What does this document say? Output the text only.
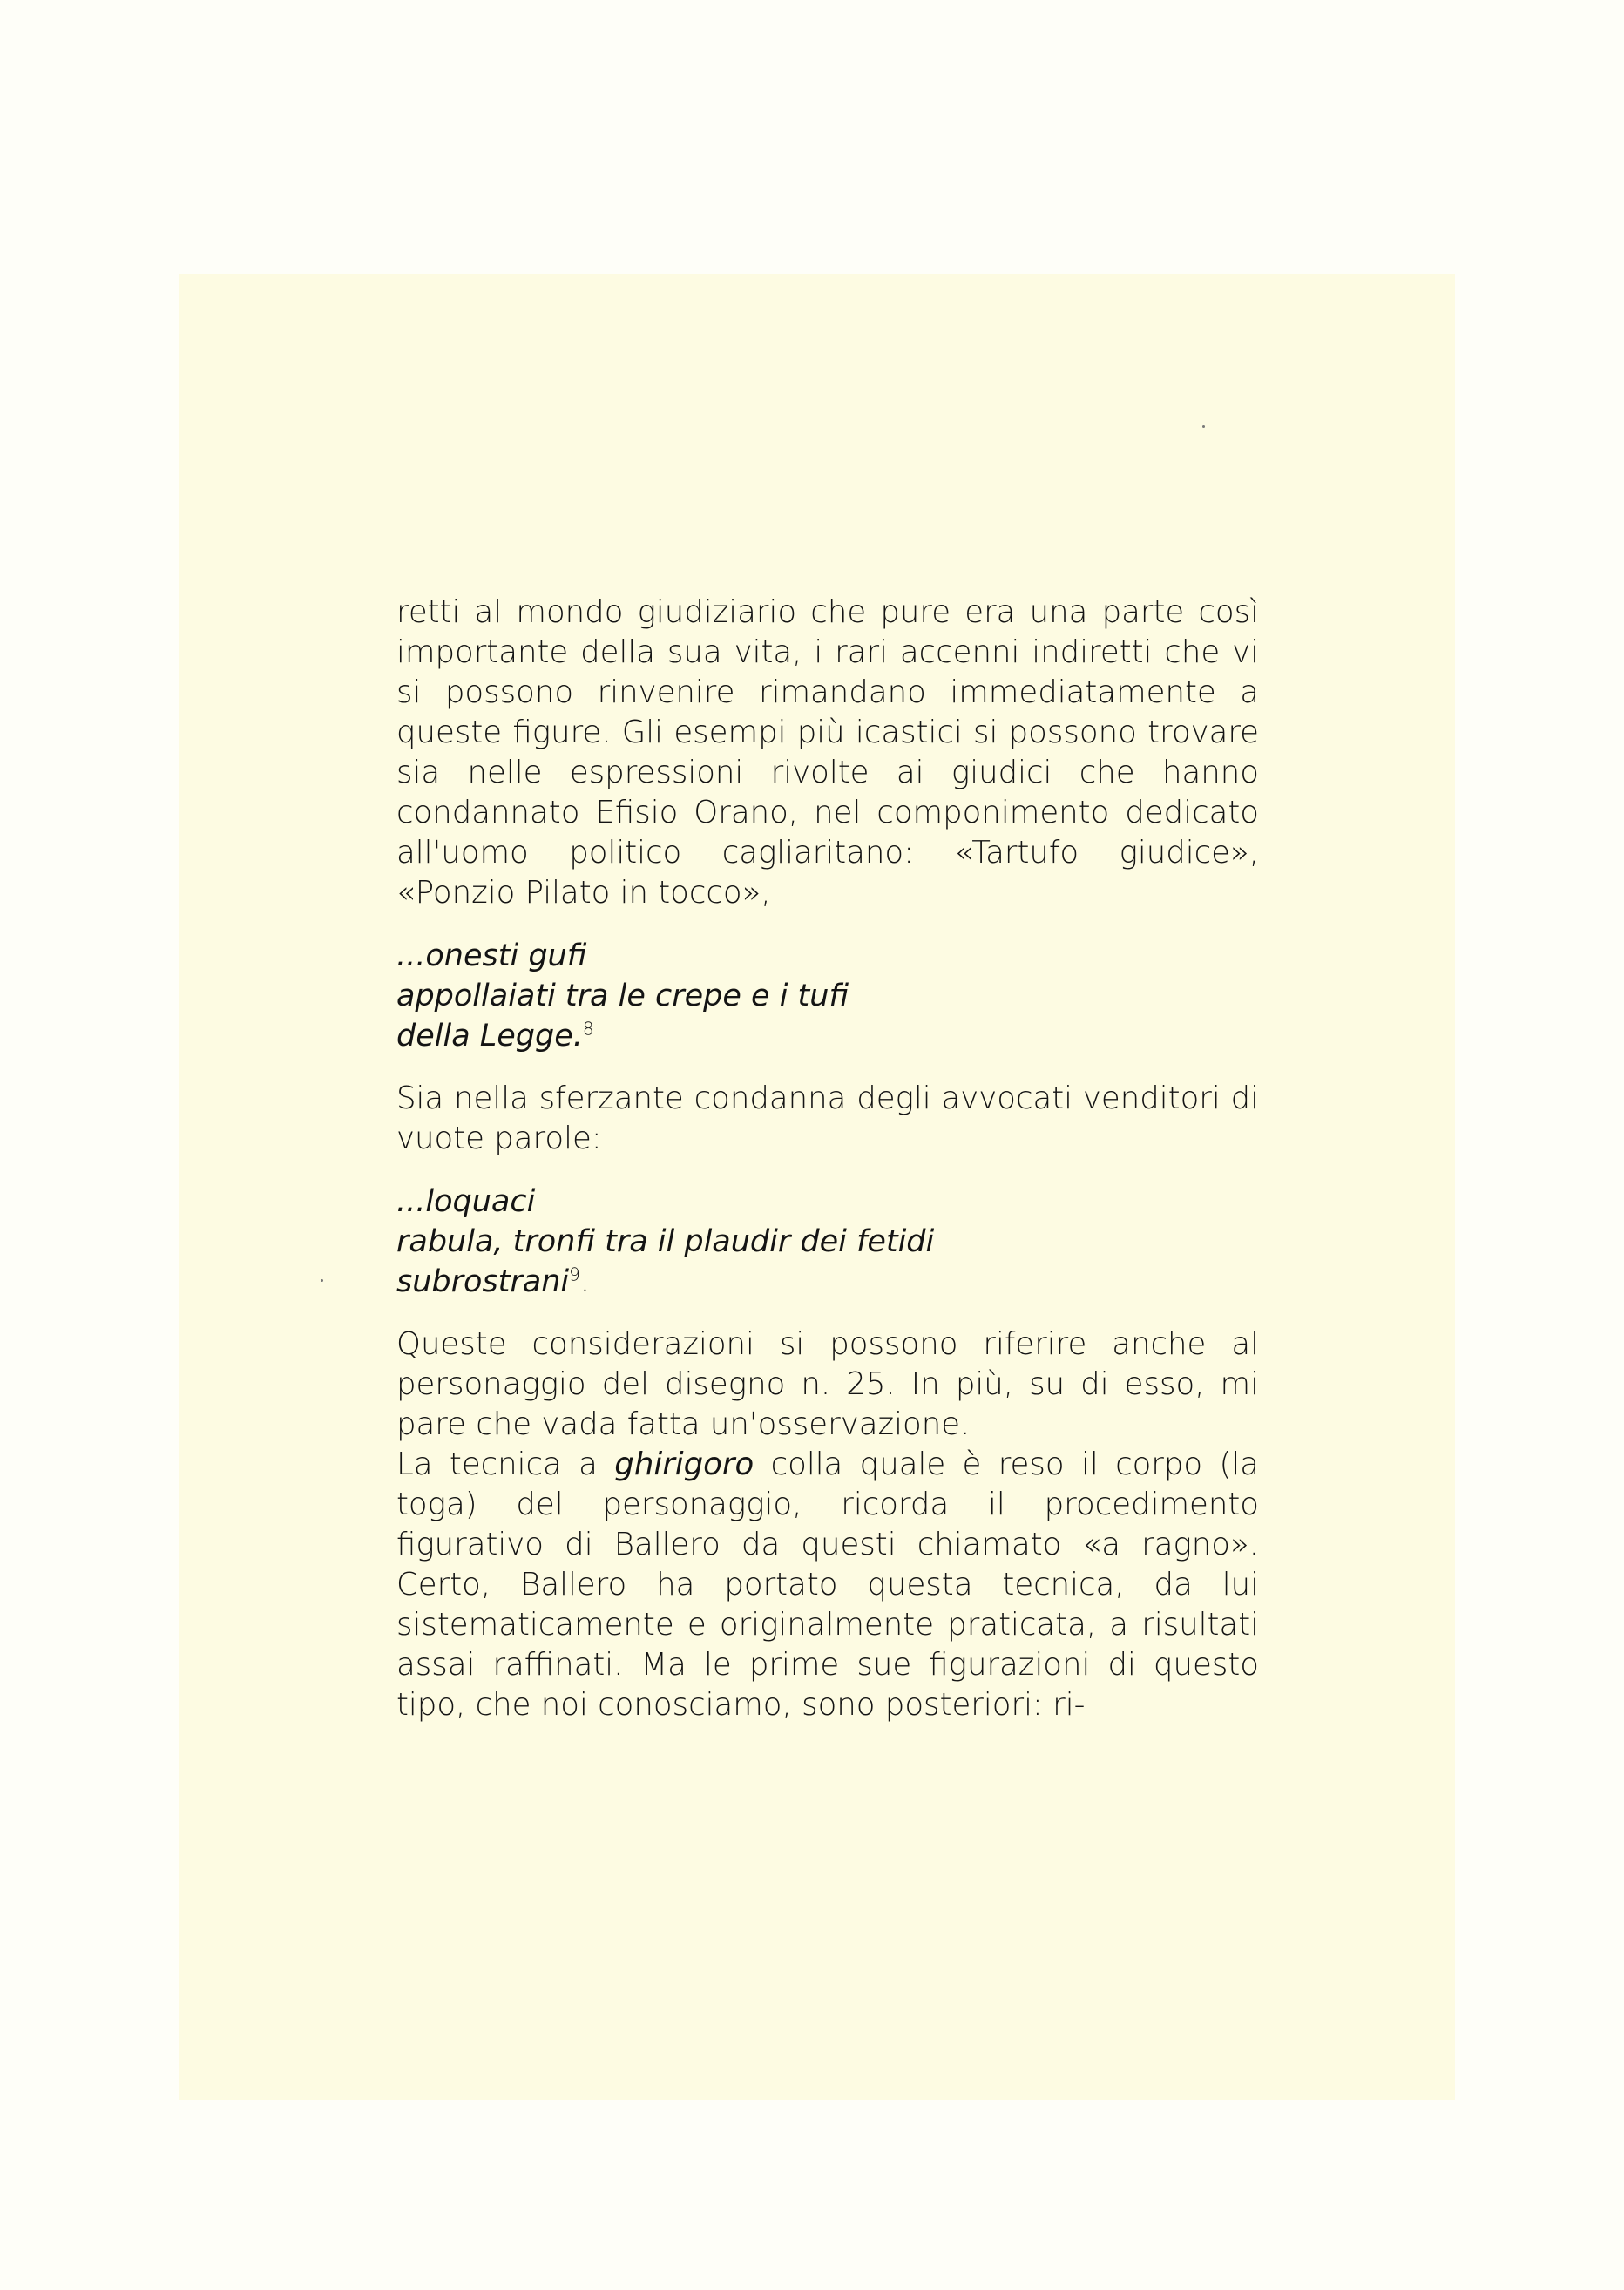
retti al mondo giudiziario che pure era una parte così importante della sua vita, i rari accenni indiretti che vi si possono rinvenire rimandano immediatamente a queste figure. Gli esempi più icastici si possono trovare sia nelle espressioni rivolte ai giudici che hanno condannato Efisio Orano, nel componimento dedicato all'uomo politico cagliaritano: «Tartufo giudice», «Ponzio Pilato in tocco»,

...onesti gufi
appollaiati tra le crepe e i tufi
della Legge.$^8$

Sia nella sferzante condanna degli avvocati venditori di vuote parole:

...loquaci
rabula, tronfi tra il plaudir dei fetidi
subrostrani$^9$.

Queste considerazioni si possono riferire anche al personaggio del disegno n. 25. In più, su di esso, mi pare che vada fatta un'osservazione.

La tecnica a ghirigoro colla quale è reso il corpo (la toga) del personaggio, ricorda il procedimento figurativo di Ballero da questi chiamato «a ragno». Certo, Ballero ha portato questa tecnica, da lui sistematicamente e originalmente praticata, a risultati assai raffinati. Ma le prime sue figurazioni di questo tipo, che noi conosciamo, sono posteriori: ri-
